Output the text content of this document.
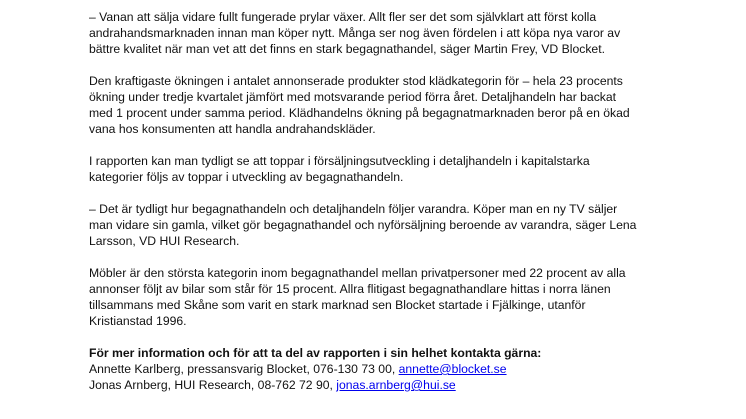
– Vanan att sälja vidare fullt fungerade prylar växer. Allt fler ser det som självklart att först kolla
andrahandsmarknaden innan man köper nytt. Många ser nog även fördelen i att köpa nya varor av
bättre kvalitet när man vet att det finns en stark begagnathandel, säger Martin Frey, VD Blocket.

Den kraftigaste ökningen i antalet annonserade produkter stod klädkategorin för – hela 23 procents
ökning under tredje kvartalet jämfört med motsvarande period förra året. Detaljhandeln har backat
med 1 procent under samma period. Klädhandelns ökning på begagnatmarknaden beror på en ökad
vana hos konsumenten att handla andrahandskläder.

I rapporten kan man tydligt se att toppar i försäljningsutveckling i detaljhandeln i kapitalstarka
kategorier följs av toppar i utveckling av begagnathandeln.

– Det är tydligt hur begagnathandeln och detaljhandeln följer varandra. Köper man en ny TV säljer
man vidare sin gamla, vilket gör begagnathandel och nyförsäljning beroende av varandra, säger Lena
Larsson, VD HUI Research.

Möbler är den största kategorin inom begagnathandel mellan privatpersoner med 22 procent av alla
annonser följt av bilar som står för 15 procent. Allra flitigast begagnathandlare hittas i norra länen
tillsammans med Skåne som varit en stark marknad sen Blocket startade i Fjälkinge, utanför
Kristianstad 1996.

För mer information och för att ta del av rapporten i sin helhet kontakta gärna:
Annette Karlberg, pressansvarig Blocket, 076-130 73 00, annette@blocket.se
Jonas Arnberg, HUI Research, 08-762 72 90, jonas.arnberg@hui.se
